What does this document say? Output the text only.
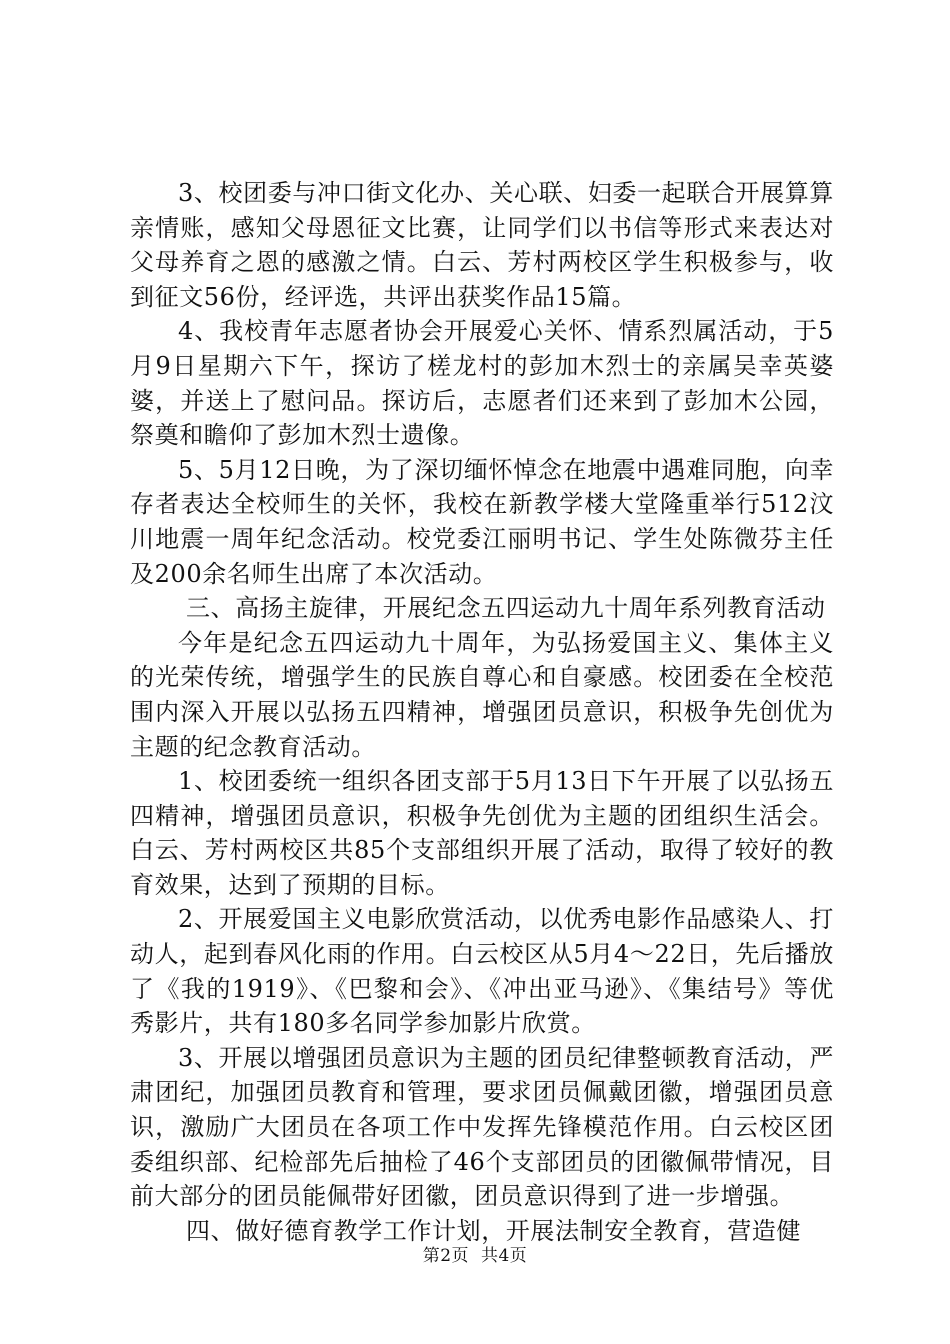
3、校团委与冲口街文化办、关心联、妇委一起联合开展算算亲情账，感知父母恩征文比赛，让同学们以书信等形式来表达对父母养育之恩的感激之情。白云、芳村两校区学生积极参与，收到征文56份，经评选，共评出获奖作品15篇。

4、我校青年志愿者协会开展爱心关怀、情系烈属活动，于5月9日星期六下午，探访了槎龙村的彭加木烈士的亲属吴幸英婆婆，并送上了慰问品。探访后，志愿者们还来到了彭加木公园，祭奠和瞻仰了彭加木烈士遗像。

5、5月12日晚，为了深切缅怀悼念在地震中遇难同胞，向幸存者表达全校师生的关怀，我校在新教学楼大堂隆重举行512汶川地震一周年纪念活动。校党委江丽明书记、学生处陈微芬主任及200余名师生出席了本次活动。

三、高扬主旋律，开展纪念五四运动九十周年系列教育活动

今年是纪念五四运动九十周年，为弘扬爱国主义、集体主义的光荣传统，增强学生的民族自尊心和自豪感。校团委在全校范围内深入开展以弘扬五四精神，增强团员意识，积极争先创优为主题的纪念教育活动。

1、校团委统一组织各团支部于5月13日下午开展了以弘扬五四精神，增强团员意识，积极争先创优为主题的团组织生活会。白云、芳村两校区共85个支部组织开展了活动，取得了较好的教育效果，达到了预期的目标。

2、开展爱国主义电影欣赏活动，以优秀电影作品感染人、打动人，起到春风化雨的作用。白云校区从5月4～22日，先后播放了《我的1919》、《巴黎和会》、《冲出亚马逊》、《集结号》等优秀影片，共有180多名同学参加影片欣赏。

3、开展以增强团员意识为主题的团员纪律整顿教育活动，严肃团纪，加强团员教育和管理，要求团员佩戴团徽，增强团员意识，激励广大团员在各项工作中发挥先锋模范作用。白云校区团委组织部、纪检部先后抽检了46个支部团员的团徽佩带情况，目前大部分的团员能佩带好团徽，团员意识得到了进一步增强。

四、做好德育教学工作计划，开展法制安全教育，营造健

第2页 共4页
